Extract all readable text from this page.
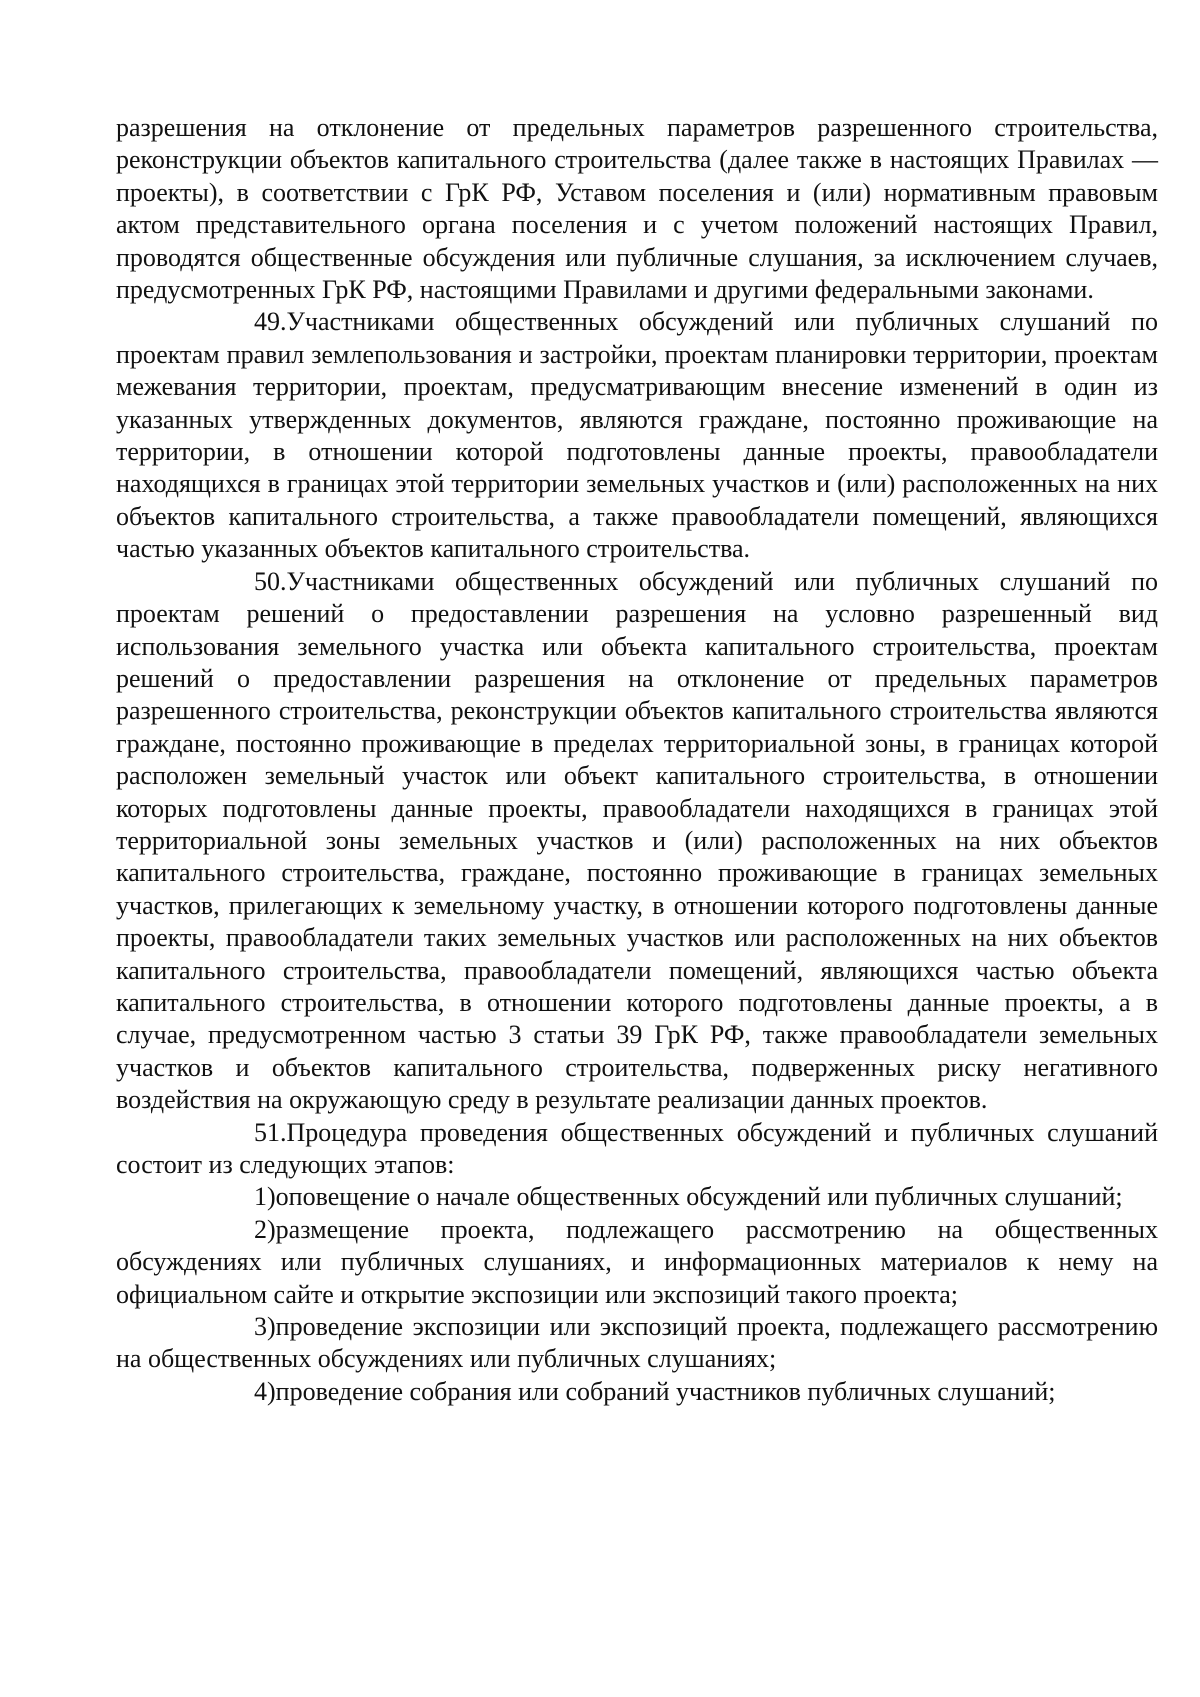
разрешения на отклонение от предельных параметров разрешенного строительства, реконструкции объектов капитального строительства (далее также в настоящих Правилах — проекты), в соответствии с ГрК РФ, Уставом поселения и (или) нормативным правовым актом представительного органа поселения и с учетом положений настоящих Правил, проводятся общественные обсуждения или публичные слушания, за исключением случаев, предусмотренных ГрК РФ, настоящими Правилами и другими федеральными законами.

49.Участниками общественных обсуждений или публичных слушаний по проектам правил землепользования и застройки, проектам планировки территории, проектам межевания территории, проектам, предусматривающим внесение изменений в один из указанных утвержденных документов, являются граждане, постоянно проживающие на территории, в отношении которой подготовлены данные проекты, правообладатели находящихся в границах этой территории земельных участков и (или) расположенных на них объектов капитального строительства, а также правообладатели помещений, являющихся частью указанных объектов капитального строительства.

50.Участниками общественных обсуждений или публичных слушаний по проектам решений о предоставлении разрешения на условно разрешенный вид использования земельного участка или объекта капитального строительства, проектам решений о предоставлении разрешения на отклонение от предельных параметров разрешенного строительства, реконструкции объектов капитального строительства являются граждане, постоянно проживающие в пределах территориальной зоны, в границах которой расположен земельный участок или объект капитального строительства, в отношении которых подготовлены данные проекты, правообладатели находящихся в границах этой территориальной зоны земельных участков и (или) расположенных на них объектов капитального строительства, граждане, постоянно проживающие в границах земельных участков, прилегающих к земельному участку, в отношении которого подготовлены данные проекты, правообладатели таких земельных участков или расположенных на них объектов капитального строительства, правообладатели помещений, являющихся частью объекта капитального строительства, в отношении которого подготовлены данные проекты, а в случае, предусмотренном частью 3 статьи 39 ГрК РФ, также правообладатели земельных участков и объектов капитального строительства, подверженных риску негативного воздействия на окружающую среду в результате реализации данных проектов.

51.Процедура проведения общественных обсуждений и публичных слушаний состоит из следующих этапов:

1)оповещение о начале общественных обсуждений или публичных слушаний;

2)размещение проекта, подлежащего рассмотрению на общественных обсуждениях или публичных слушаниях, и информационных материалов к нему на официальном сайте и открытие экспозиции или экспозиций такого проекта;

3)проведение экспозиции или экспозиций проекта, подлежащего рассмотрению на общественных обсуждениях или публичных слушаниях;

4)проведение собрания или собраний участников публичных слушаний;
